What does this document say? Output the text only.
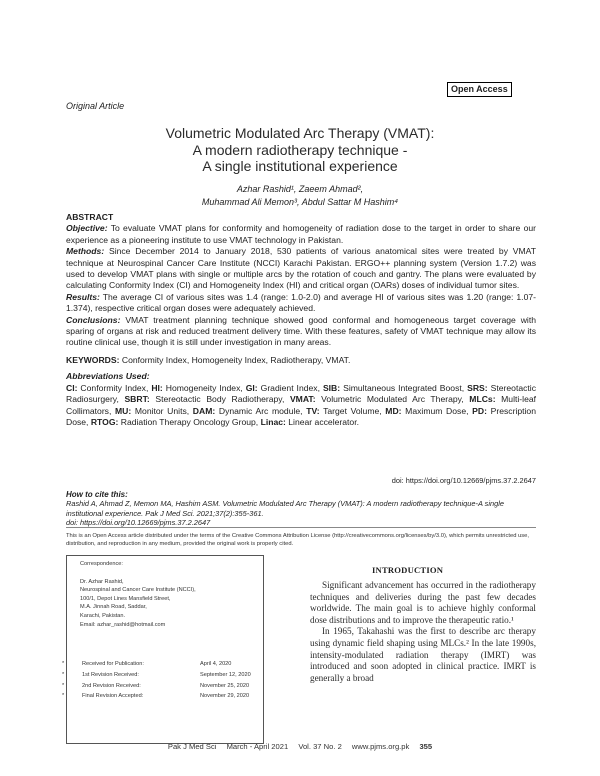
Open Access
Original Article
Volumetric Modulated Arc Therapy (VMAT):
A modern radiotherapy technique -
A single institutional experience
Azhar Rashid¹, Zaeem Ahmad²,
Muhammad Ali Memon³, Abdul Sattar M Hashim⁴

ABSTRACT

Objective: To evaluate VMAT plans for conformity and homogeneity of radiation dose to the target in order to share our experience as a pioneering institute to use VMAT technology in Pakistan.

Methods: Since December 2014 to January 2018, 530 patients of various anatomical sites were treated by VMAT technique at Neurospinal Cancer Care Institute (NCCI) Karachi Pakistan. ERGO++ planning system (Version 1.7.2) was used to develop VMAT plans with single or multiple arcs by the rotation of couch and gantry. The plans were evaluated by calculating Conformity Index (CI) and Homogeneity Index (HI) and critical organ (OARs) doses of individual tumor sites.

Results: The average CI of various sites was 1.4 (range: 1.0-2.0) and average HI of various sites was 1.20 (range: 1.07-1.374), respective critical organ doses were adequately achieved.

Conclusions: VMAT treatment planning technique showed good conformal and homogeneous target coverage with sparing of organs at risk and reduced treatment delivery time. With these features, safety of VMAT technique may allow its routine clinical use, though it is still under investigation in many areas.

KEYWORDS: Conformity Index, Homogeneity Index, Radiotherapy, VMAT.

Abbreviations Used:

CI: Conformity Index, HI: Homogeneity Index, GI: Gradient Index, SIB: Simultaneous Integrated Boost, SRS: Stereotactic Radiosurgery, SBRT: Stereotactic Body Radiotherapy, VMAT: Volumetric Modulated Arc Therapy, MLCs: Multi-leaf Collimators, MU: Monitor Units, DAM: Dynamic Arc module, TV: Target Volume, MD: Maximum Dose, PD: Prescription Dose, RTOG: Radiation Therapy Oncology Group, Linac: Linear accelerator.

doi: https://doi.org/10.12669/pjms.37.2.2647
How to cite this:
Rashid A, Ahmad Z, Memon MA, Hashim ASM. Volumetric Modulated Arc Therapy (VMAT): A modern radiotherapy technique-A single institutional experience. Pak J Med Sci. 2021;37(2):355-361.
doi: https://doi.org/10.12669/pjms.37.2.2647
This is an Open Access article distributed under the terms of the Creative Commons Attribution License (http://creativecommons.org/licenses/by/3.0), which permits unrestricted use, distribution, and reproduction in any medium, provided the original work is properly cited.
Correspondence:
Dr. Azhar Rashid,
Neurospinal and Cancer Care Institute (NCCI),
100/1, Depot Lines Mansfield Street,
M.A. Jinnah Road, Saddar,
Karachi, Pakistan.
Email: azhar_rashid@hotmail.com
*	Received for Publication:	April 4, 2020
*	1st Revision Received:	September 12, 2020
*	2nd Revision Received:	November 25, 2020
*	Final Revision Accepted:	November 29, 2020
INTRODUCTION

Significant advancement has occurred in the radiotherapy techniques and deliveries during the past few decades worldwide. The main goal is to achieve highly conformal dose distributions and to improve the therapeutic ratio.¹

In 1965, Takahashi was the first to describe arc therapy using dynamic field shaping using MLCs.² In the late 1990s, intensity-modulated radiation therapy (IMRT) was introduced and soon adopted in clinical practice. IMRT is generally a broad

Pak J Med Sci March - April 2021 Vol. 37 No. 2 www.pjms.org.pk 355
